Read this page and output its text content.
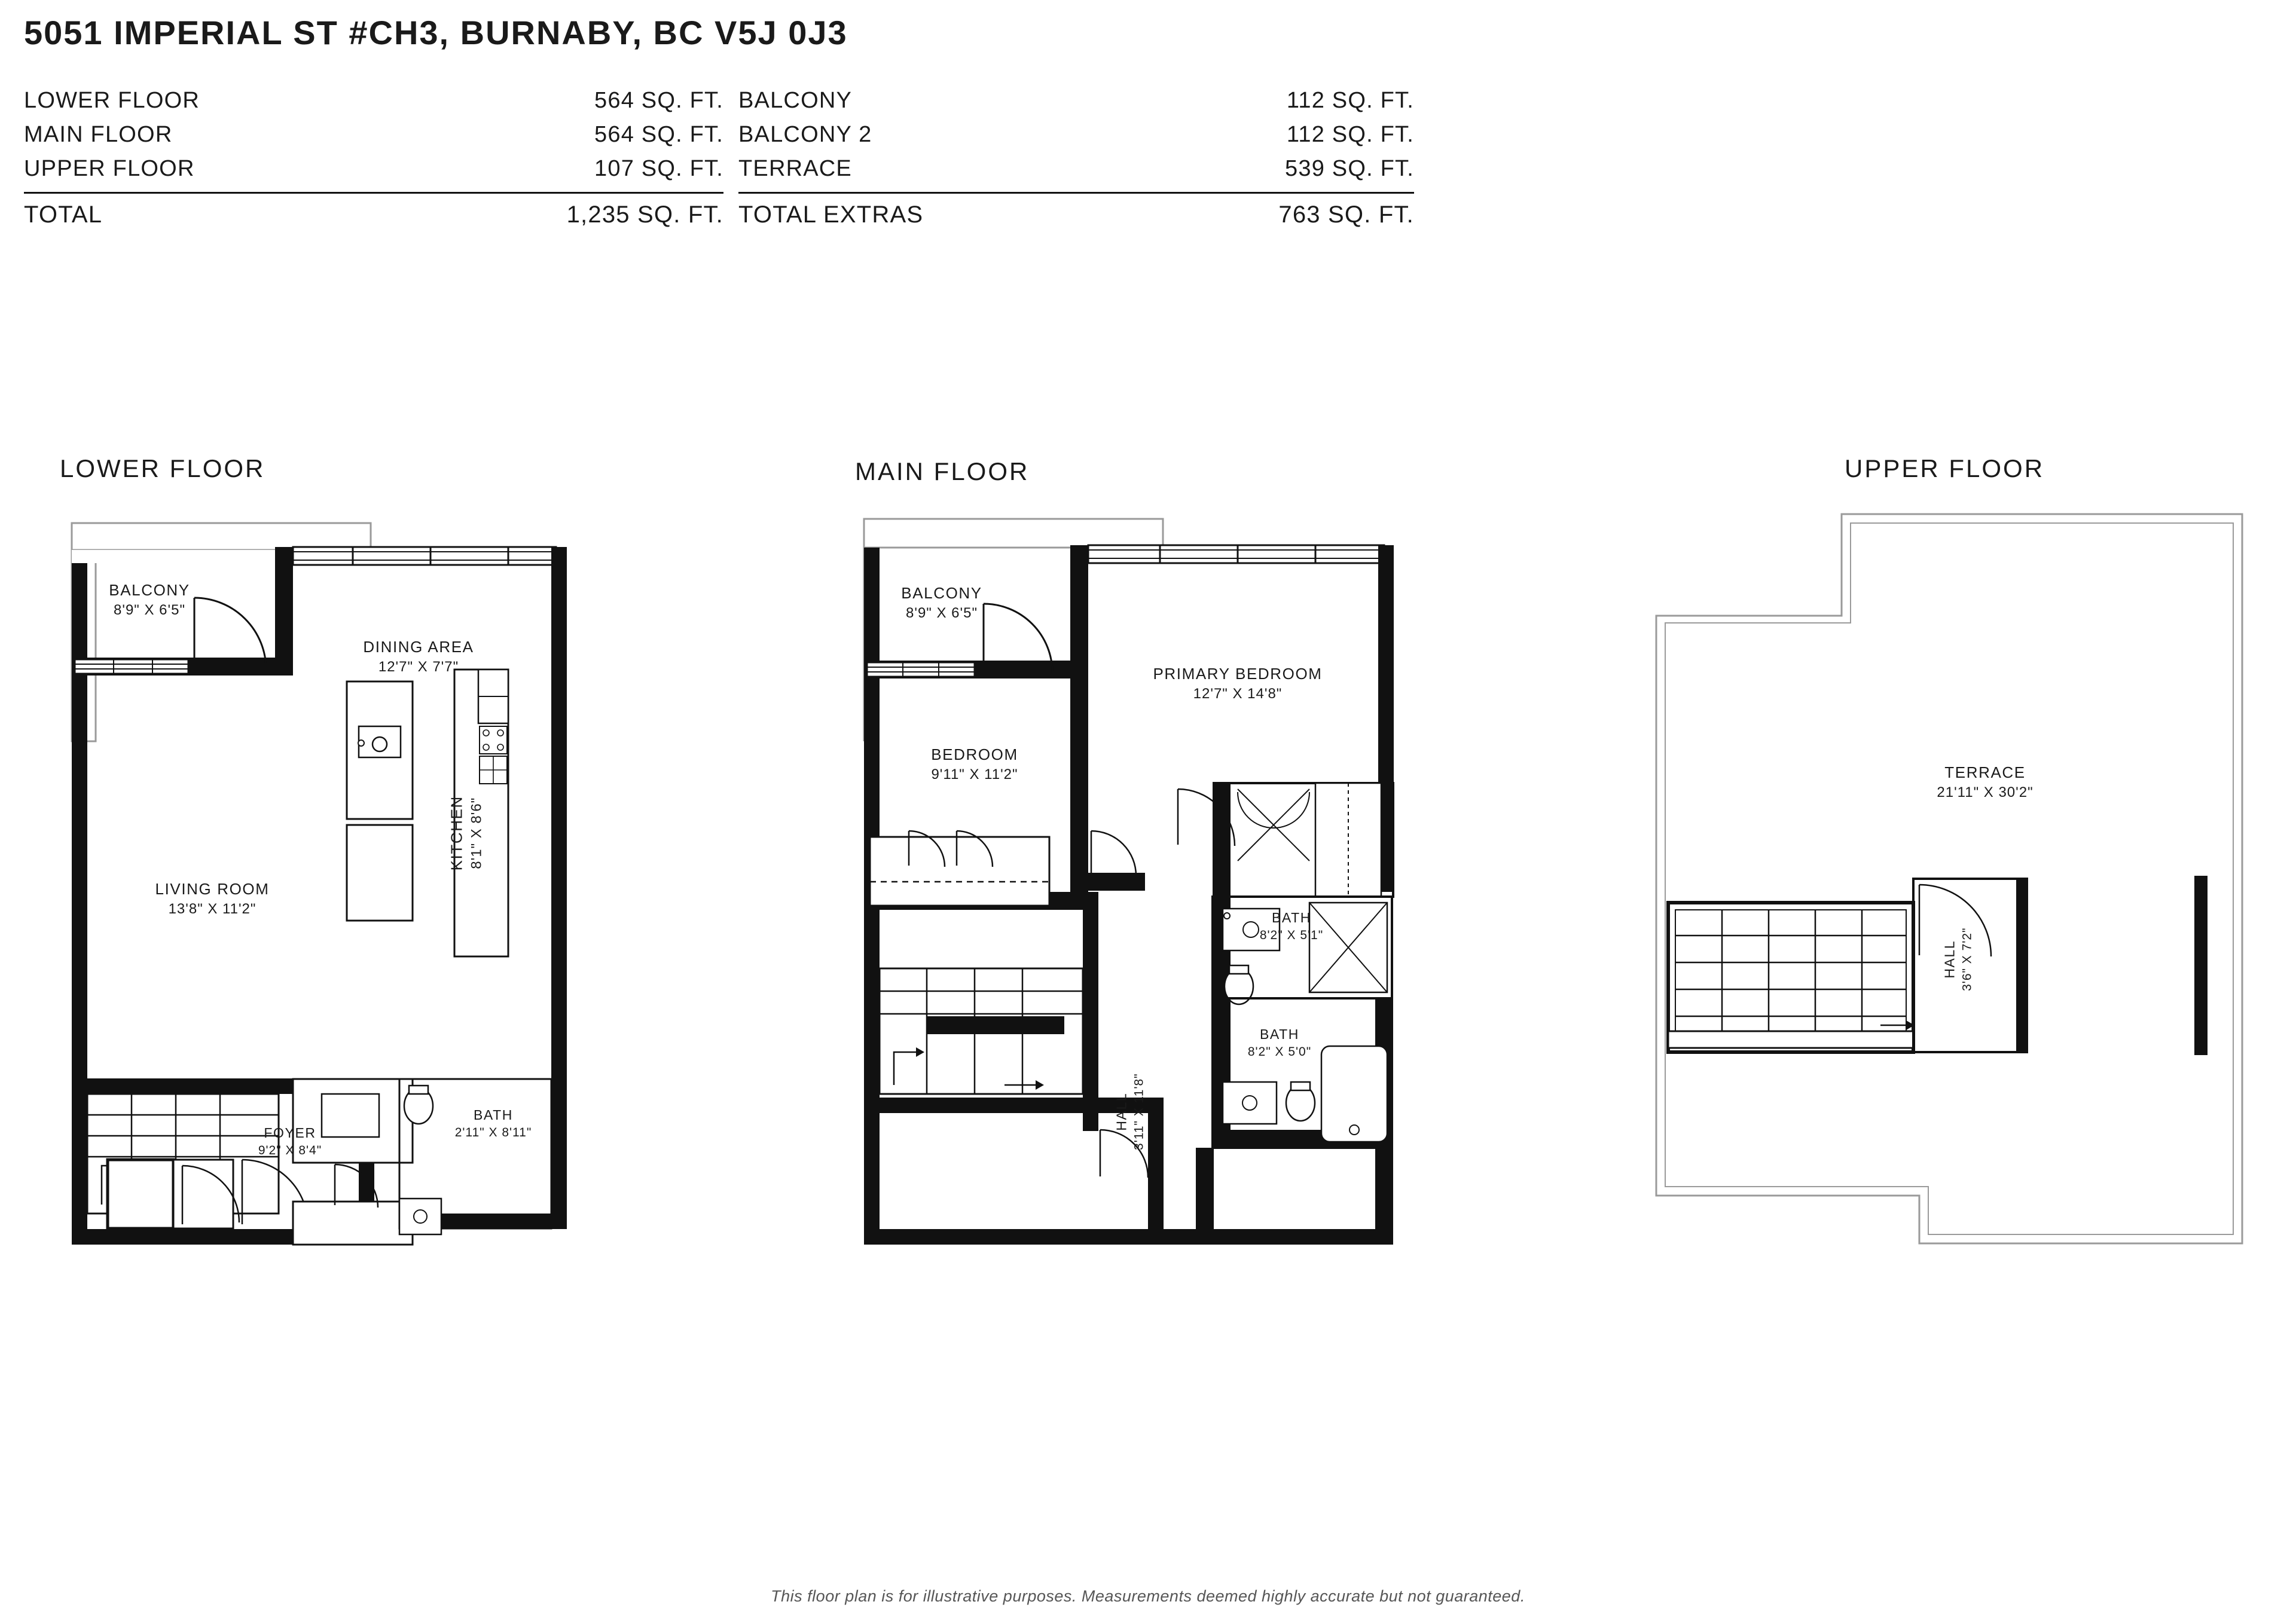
5051 IMPERIAL ST #CH3, BURNABY, BC V5J 0J3
LOWER FLOOR	564 SQ. FT.
MAIN FLOOR	564 SQ. FT.
UPPER FLOOR	107 SQ. FT.
TOTAL	1,235 SQ. FT.
BALCONY	112 SQ. FT.
BALCONY 2	112 SQ. FT.
TERRACE	539 SQ. FT.
TOTAL EXTRAS	763 SQ. FT.
LOWER FLOOR	MAIN FLOOR	UPPER FLOOR
BALCONY
8'9" X 6'5"
DINING AREA
12'7" X 7'7"
LIVING ROOM
13'8" X 11'2"
KITCHEN 8'1" X 8'6"
FOYER
9'2" X 8'4"
BATH
2'11" X 8'11"
BALCONY
8'9" X 6'5"
PRIMARY BEDROOM
12'7" X 14'8"
BEDROOM
9'11" X 11'2"
BATH
8'2" X 5'1"
BATH
8'2" X 5'0"
HALL 3'11" X 11'8"
TERRACE
21'11" X 30'2"
HALL 3'6" X 7'2"
This floor plan is for illustrative purposes. Measurements deemed highly accurate but not guaranteed.
